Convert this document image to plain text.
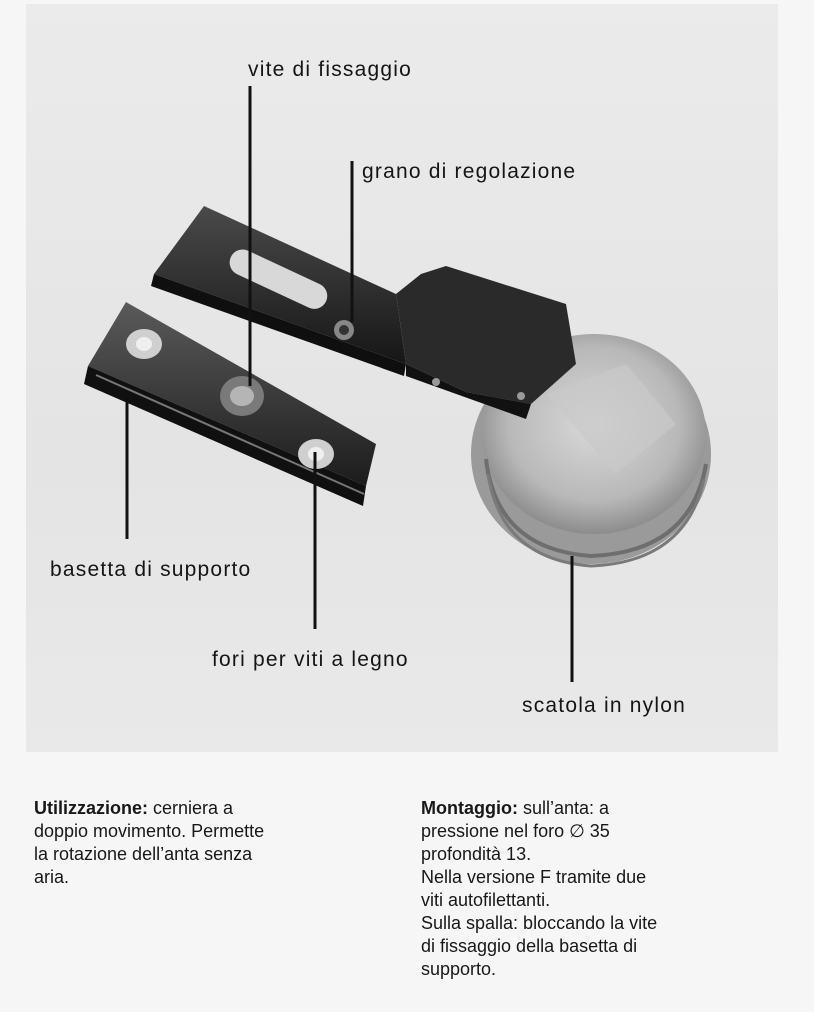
vite di fissaggio
grano di regolazione
basetta di supporto
fori per viti a legno
scatola in nylon

Utilizzazione: cerniera a

doppio movimento. Permette

la rotazione dell’anta senza

aria.

Montaggio: sull’anta: a

pressione nel foro ∅ 35

profondità 13.

Nella versione F tramite due

viti autofilettanti.

Sulla spalla: bloccando la vite

di fissaggio della basetta di

supporto.
